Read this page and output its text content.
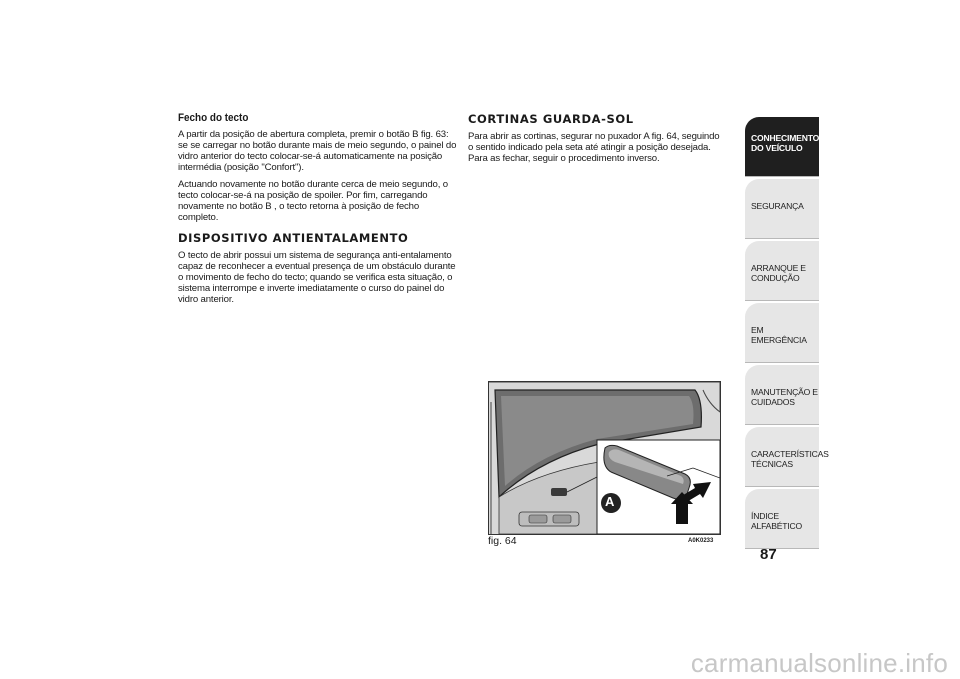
Fecho do tecto

A partir da posição de abertura completa, premir o botão B fig. 63: se se carregar no botão durante mais de meio segundo, o painel do vidro anterior do tecto colocar-se-á automaticamente na posição intermédia (posição "Confort").

Actuando novamente no botão durante cerca de meio segundo, o tecto colocar-se-á na posição de spoiler. Por fim, carregando novamente no botão B , o tecto retorna à posição de fecho completo.

DISPOSITIVO ANTIENTALAMENTO

O tecto de abrir possui um sistema de segurança anti-entalamento capaz de reconhecer a eventual presença de um obstáculo durante o movimento de fecho do tecto; quando se verifica esta situação, o sistema interrompe e inverte imediatamente o curso do painel do vidro anterior.

CORTINAS GUARDA-SOL

Para abrir as cortinas, segurar no puxador A fig. 64, seguindo o sentido indicado pela seta até atingir a posição desejada. Para as fechar, seguir o procedimento inverso.

A
fig. 64	A0K0233
CONHECIMENTO DO VEÍCULO
SEGURANÇA
ARRANQUE E CONDUÇÃO
EM EMERGÊNCIA
MANUTENÇÃO E CUIDADOS
CARACTERÍSTICAS TÉCNICAS
ÍNDICE ALFABÉTICO
87
carmanualsonline.info
